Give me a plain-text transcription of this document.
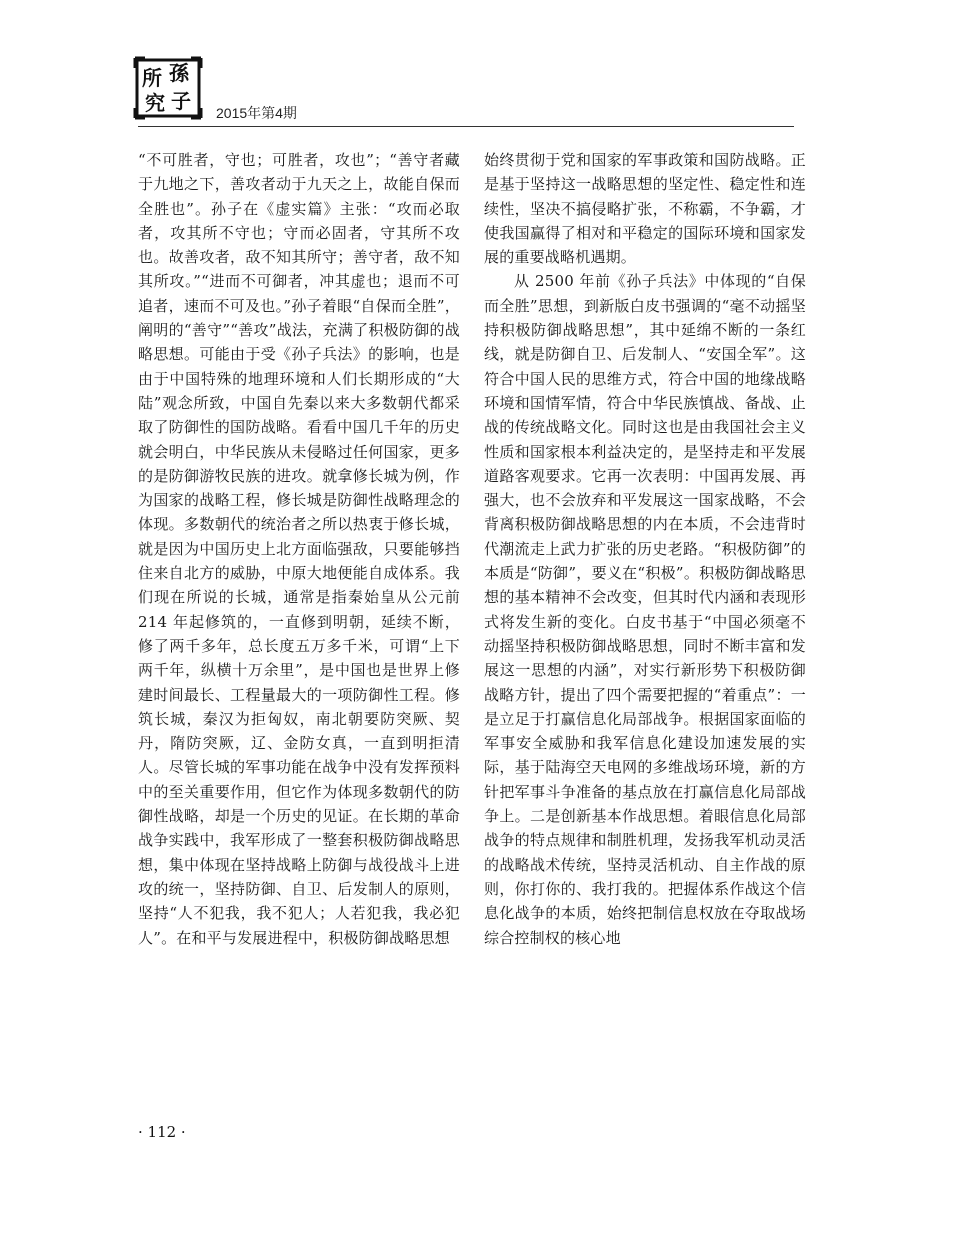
所 孫
究 子 2015年第4期

“不可胜者，守也；可胜者，攻也”；“善守者藏于九地之下，善攻者动于九天之上，故能自保而全胜也”。孙子在《虚实篇》主张：“攻而必取者，攻其所不守也；守而必固者，守其所不攻也。故善攻者，敌不知其所守；善守者，敌不知其所攻。”“进而不可御者，冲其虚也；退而不可追者，速而不可及也。”孙子着眼“自保而全胜”，阐明的“善守”“善攻”战法，充满了积极防御的战略思想。可能由于受《孙子兵法》的影响，也是由于中国特殊的地理环境和人们长期形成的“大陆”观念所致，中国自先秦以来大多数朝代都采取了防御性的国防战略。看看中国几千年的历史就会明白，中华民族从未侵略过任何国家，更多的是防御游牧民族的进攻。就拿修长城为例，作为国家的战略工程，修长城是防御性战略理念的体现。多数朝代的统治者之所以热衷于修长城，就是因为中国历史上北方面临强敌，只要能够挡住来自北方的威胁，中原大地便能自成体系。我们现在所说的长城，通常是指秦始皇从公元前 214 年起修筑的，一直修到明朝，延续不断，修了两千多年，总长度五万多千米，可谓“上下两千年，纵横十万余里”，是中国也是世界上修建时间最长、工程量最大的一项防御性工程。修筑长城，秦汉为拒匈奴，南北朝要防突厥、契丹，隋防突厥，辽、金防女真，一直到明拒清人。尽管长城的军事功能在战争中没有发挥预料中的至关重要作用，但它作为体现多数朝代的防御性战略，却是一个历史的见证。在长期的革命战争实践中，我军形成了一整套积极防御战略思想，集中体现在坚持战略上防御与战役战斗上进攻的统一，坚持防御、自卫、后发制人的原则，坚持“人不犯我，我不犯人；人若犯我，我必犯人”。在和平与发展进程中，积极防御战略思想

始终贯彻于党和国家的军事政策和国防战略。正是基于坚持这一战略思想的坚定性、稳定性和连续性，坚决不搞侵略扩张，不称霸，不争霸，才使我国赢得了相对和平稳定的国际环境和国家发展的重要战略机遇期。

从 2500 年前《孙子兵法》中体现的“自保而全胜”思想，到新版白皮书强调的“毫不动摇坚持积极防御战略思想”，其中延绵不断的一条红线，就是防御自卫、后发制人、“安国全军”。这符合中国人民的思维方式，符合中国的地缘战略环境和国情军情，符合中华民族慎战、备战、止战的传统战略文化。同时这也是由我国社会主义性质和国家根本利益决定的，是坚持走和平发展道路客观要求。它再一次表明：中国再发展、再强大，也不会放弃和平发展这一国家战略，不会背离积极防御战略思想的内在本质，不会违背时代潮流走上武力扩张的历史老路。“积极防御”的本质是“防御”，要义在“积极”。积极防御战略思想的基本精神不会改变，但其时代内涵和表现形式将发生新的变化。白皮书基于“中国必须毫不动摇坚持积极防御战略思想，同时不断丰富和发展这一思想的内涵”，对实行新形势下积极防御战略方针，提出了四个需要把握的“着重点”：一是立足于打赢信息化局部战争。根据国家面临的军事安全威胁和我军信息化建设加速发展的实际，基于陆海空天电网的多维战场环境，新的方针把军事斗争准备的基点放在打赢信息化局部战争上。二是创新基本作战思想。着眼信息化局部战争的特点规律和制胜机理，发扬我军机动灵活的战略战术传统，坚持灵活机动、自主作战的原则，你打你的、我打我的。把握体系作战这个信息化战争的本质，始终把制信息权放在夺取战场综合控制权的核心地

· 112 ·
